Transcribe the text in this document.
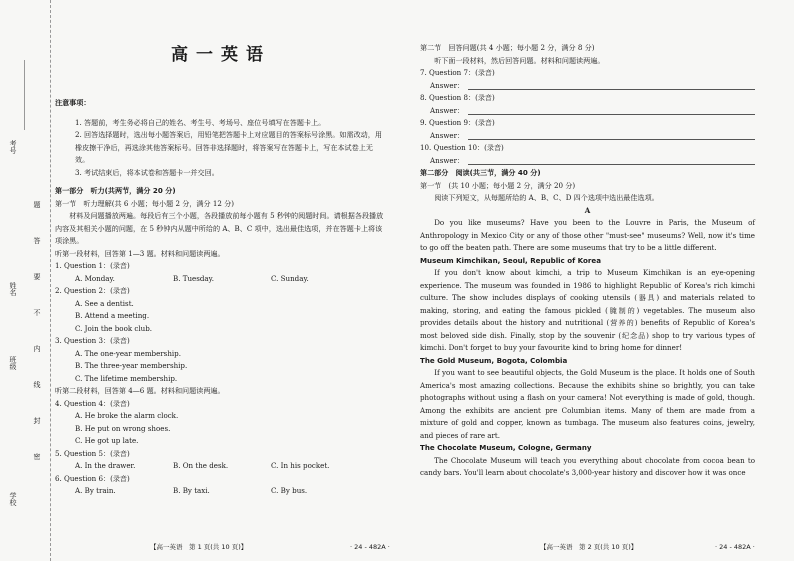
考号
姓名
班级
学校
题
答
要
不
内
线
封
密
高一英语

注意事项：

1. 答题前，考生务必将自己的姓名、考生号、考场号、座位号填写在答题卡上。

2. 回答选择题时，选出每小题答案后，用铅笔把答题卡上对应题目的答案标号涂黑。如需改动，用橡皮擦干净后，再选涂其他答案标号。回答非选择题时，将答案写在答题卡上，写在本试卷上无效。

3. 考试结束后，将本试卷和答题卡一并交回。

第一部分　听力(共两节，满分 20 分)

第一节　听力理解(共 6 小题；每小题 2 分，满分 12 分)

材料及问题播放两遍。每段后有三个小题，各段播放前每小题有 5 秒钟的阅题时间。请根据各段播放内容及其相关小题的问题，在 5 秒钟内从题中所给的 A、B、C 项中，选出最佳选项，并在答题卡上将该项涂黑。

听第一段材料，回答第 1—3 题。材料和问题读两遍。

1. Question 1：(录音)

A. Monday.	B. Tuesday.	C. Sunday.

2. Question 2：(录音)

A. See a dentist.

B. Attend a meeting.

C. Join the book club.

3. Question 3：(录音)

A. The one-year membership.

B. The three-year membership.

C. The lifetime membership.

听第二段材料，回答第 4—6 题。材料和问题读两遍。

4. Question 4：(录音)

A. He broke the alarm clock.

B. He put on wrong shoes.

C. He got up late.

5. Question 5：(录音)

A. In the drawer.	B. On the desk.	C. In his pocket.

6. Question 6：(录音)

A. By train.	B. By taxi.	C. By bus.
【高一英语　第 1 页(共 10 页)】	· 24 - 482A ·

第二节　回答问题(共 4 小题；每小题 2 分，满分 8 分)

听下面一段材料，然后回答问题。材料和问题读两遍。

7. Question 7：(录音)

Answer：

8. Question 8：(录音)

Answer：

9. Question 9：(录音)

Answer：

10. Question 10：(录音)

Answer：

第二部分　阅读(共三节，满分 40 分)

第一节　(共 10 小题；每小题 2 分，满分 20 分)

阅读下列短文，从每题所给的 A、B、C、D 四个选项中选出最佳选项。

A

Do you like museums? Have you been to the Louvre in Paris, the Museum of Anthropology in Mexico City or any of those other "must-see" museums? Well, now it's time to go off the beaten path. There are some museums that try to be a little different.

Museum Kimchikan, Seoul, Republic of Korea

If you don't know about kimchi, a trip to Museum Kimchikan is an eye-opening experience. The museum was founded in 1986 to highlight Republic of Korea's rich kimchi culture. The show includes displays of cooking utensils (器具) and materials related to making, storing, and eating the famous pickled (腌制的) vegetables. The museum also provides details about the history and nutritional (营养的) benefits of Republic of Korea's most beloved side dish. Finally, stop by the souvenir (纪念品) shop to try various types of kimchi. Don't forget to buy your favourite kind to bring home for dinner!

The Gold Museum, Bogota, Colombia

If you want to see beautiful objects, the Gold Museum is the place. It holds one of South America's most amazing collections. Because the exhibits shine so brightly, you can take photographs without using a flash on your camera! Not everything is made of gold, though. Among the exhibits are ancient pre Columbian items. Many of them are made from a mixture of gold and copper, known as tumbaga. The museum also features coins, jewelry, and pieces of rare art.

The Chocolate Museum, Cologne, Germany

The Chocolate Museum will teach you everything about chocolate from cocoa bean to candy bars. You'll learn about chocolate's 3,000-year history and discover how it was once

【高一英语　第 2 页(共 10 页)】	· 24 - 482A ·
